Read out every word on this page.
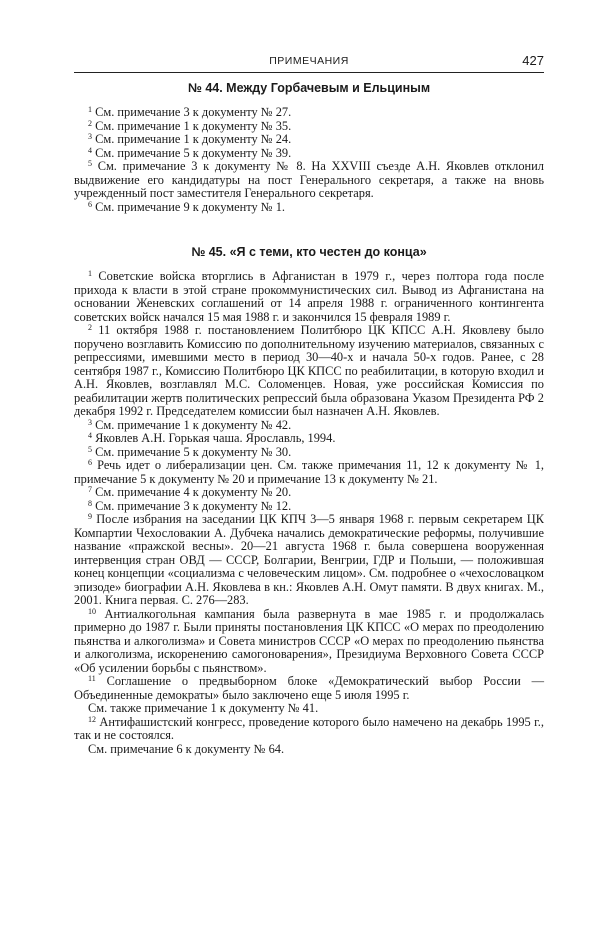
ПРИМЕЧАНИЯ	427
№ 44. Между Горбачевым и Ельциным

$^1$ См. примечание 3 к документу № 27.

$^2$ См. примечание 1 к документу № 35.

$^3$ См. примечание 1 к документу № 24.

$^4$ См. примечание 5 к документу № 39.

$^5$ См. примечание 3 к документу № 8. На XXVIII съезде А.Н. Яковлев отклонил выдвижение его кандидатуры на пост Генерального секретаря, а также на вновь учрежденный пост заместителя Генерального секретаря.

$^6$ См. примечание 9 к документу № 1.

№ 45. «Я с теми, кто честен до конца»

$^1$ Советские войска вторглись в Афганистан в 1979 г., через полтора года после прихода к власти в этой стране прокоммунистических сил. Вывод из Афганистана на основании Женевских соглашений от 14 апреля 1988 г. ограниченного контингента советских войск начался 15 мая 1988 г. и закончился 15 февраля 1989 г.

$^2$ 11 октября 1988 г. постановлением Политбюро ЦК КПСС А.Н. Яковлеву было поручено возглавить Комиссию по дополнительному изучению материалов, связанных с репрессиями, имевшими место в период 30—40-х и начала 50-х годов. Ранее, с 28 сентября 1987 г., Комиссию Политбюро ЦК КПСС по реабилитации, в которую входил и А.Н. Яковлев, возглавлял М.С. Соломенцев. Новая, уже российская Комиссия по реабилитации жертв политических репрессий была образована Указом Президента РФ 2 декабря 1992 г. Председателем комиссии был назначен А.Н. Яковлев.

$^3$ См. примечание 1 к документу № 42.

$^4$ Яковлев А.Н. Горькая чаша. Ярославль, 1994.

$^5$ См. примечание 5 к документу № 30.

$^6$ Речь идет о либерализации цен. См. также примечания 11, 12 к документу № 1, примечание 5 к документу № 20 и примечание 13 к документу № 21.

$^7$ См. примечание 4 к документу № 20.

$^8$ См. примечание 3 к документу № 12.

$^9$ После избрания на заседании ЦК КПЧ 3—5 января 1968 г. первым секретарем ЦК Компартии Чехословакии А. Дубчека начались демократические реформы, получившие название «пражской весны». 20—21 августа 1968 г. была совершена вооруженная интервенция стран ОВД — СССР, Болгарии, Венгрии, ГДР и Польши, — положившая конец концепции «социализма с человеческим лицом». См. подробнее о «чехословацком эпизоде» биографии А.Н. Яковлева в кн.: Яковлев А.Н. Омут памяти. В двух книгах. М., 2001. Книга первая. С. 276—283.

$^{10}$ Антиалкогольная кампания была развернута в мае 1985 г. и продолжалась примерно до 1987 г. Были приняты постановления ЦК КПСС «О мерах по преодолению пьянства и алкоголизма» и Совета министров СССР «О мерах по преодолению пьянства и алкоголизма, искоренению самогоноварения», Президиума Верховного Совета СССР «Об усилении борьбы с пьянством».

$^{11}$ Соглашение о предвыборном блоке «Демократический выбор России — Объединенные демократы» было заключено еще 5 июля 1995 г.

См. также примечание 1 к документу № 41.

$^{12}$ Антифашистский конгресс, проведение которого было намечено на декабрь 1995 г., так и не состоялся.

См. примечание 6 к документу № 64.
